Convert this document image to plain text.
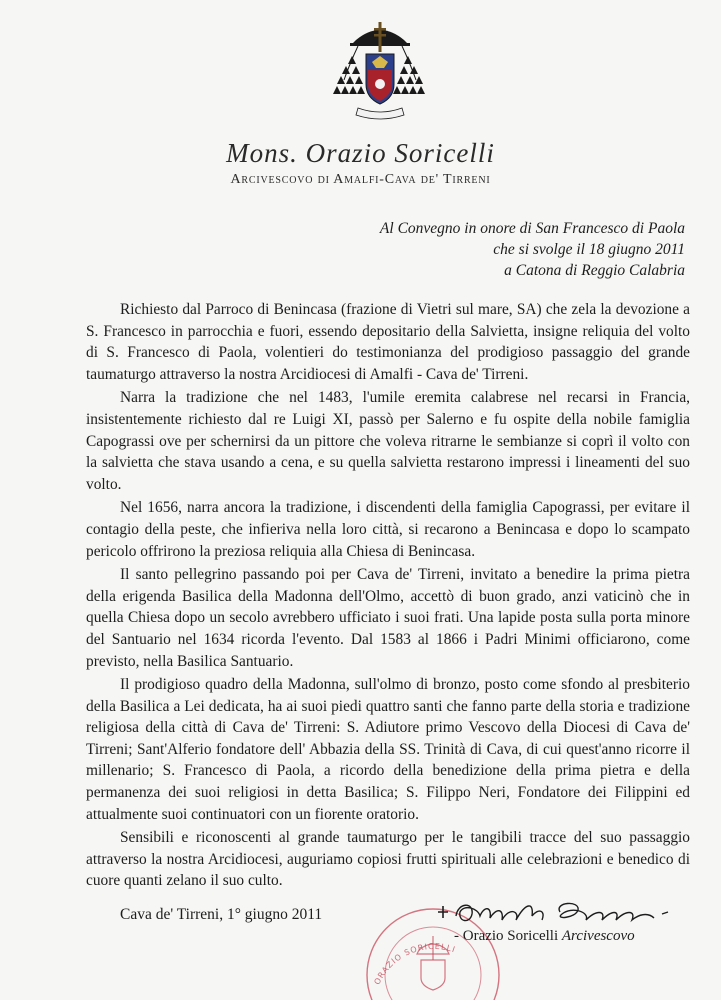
Mons. Orazio Soricelli
Arcivescovo di Amalfi-Cava de' Tirreni
Al Convegno in onore di San Francesco di Paola
che si svolge il 18 giugno 2011
a Catona di Reggio Calabria

Richiesto dal Parroco di Benincasa (frazione di Vietri sul mare, SA) che zela la devozione a S. Francesco in parrocchia e fuori, essendo depositario della Salvietta, insigne reliquia del volto di S. Francesco di Paola, volentieri do testimonianza del prodigioso passaggio del grande taumaturgo attraverso la nostra Arcidiocesi di Amalfi - Cava de' Tirreni.

Narra la tradizione che nel 1483, l'umile eremita calabrese nel recarsi in Francia, insistentemente richiesto dal re Luigi XI, passò per Salerno e fu ospite della nobile famiglia Capograssi ove per schernirsi da un pittore che voleva ritrarne le sembianze si coprì il volto con la salvietta che stava usando a cena, e su quella salvietta restarono impressi i lineamenti del suo volto.

Nel 1656, narra ancora la tradizione, i discendenti della famiglia Capograssi, per evitare il contagio della peste, che infieriva nella loro città, si recarono a Benincasa e dopo lo scampato pericolo offrirono la preziosa reliquia alla Chiesa di Benincasa.

Il santo pellegrino passando poi per Cava de' Tirreni, invitato a benedire la prima pietra della erigenda Basilica della Madonna dell'Olmo, accettò di buon grado, anzi vaticinò che in quella Chiesa dopo un secolo avrebbero ufficiato i suoi frati. Una lapide posta sulla porta minore del Santuario nel 1634 ricorda l'evento. Dal 1583 al 1866 i Padri Minimi officiarono, come previsto, nella Basilica Santuario.

Il prodigioso quadro della Madonna, sull'olmo di bronzo, posto come sfondo al presbiterio della Basilica a Lei dedicata, ha ai suoi piedi quattro santi che fanno parte della storia e tradizione religiosa della città di Cava de' Tirreni: S. Adiutore primo Vescovo della Diocesi di Cava de' Tirreni; Sant'Alferio fondatore dell' Abbazia della SS. Trinità di Cava, di cui quest'anno ricorre il millenario; S. Francesco di Paola, a ricordo della benedizione della prima pietra e della permanenza dei suoi religiosi in detta Basilica; S. Filippo Neri, Fondatore dei Filippini ed attualmente suoi continuatori con un fiorente oratorio.

Sensibili e riconoscenti al grande taumaturgo per le tangibili tracce del suo passaggio attraverso la nostra Arcidiocesi, auguriamo copiosi frutti spirituali alle celebrazioni e benedico di cuore quanti zelano il suo culto.

ORAZIO SORICELLI
Cava de' Tirreni, 1° giugno 2011
- Orazio Soricelli Arcivescovo
